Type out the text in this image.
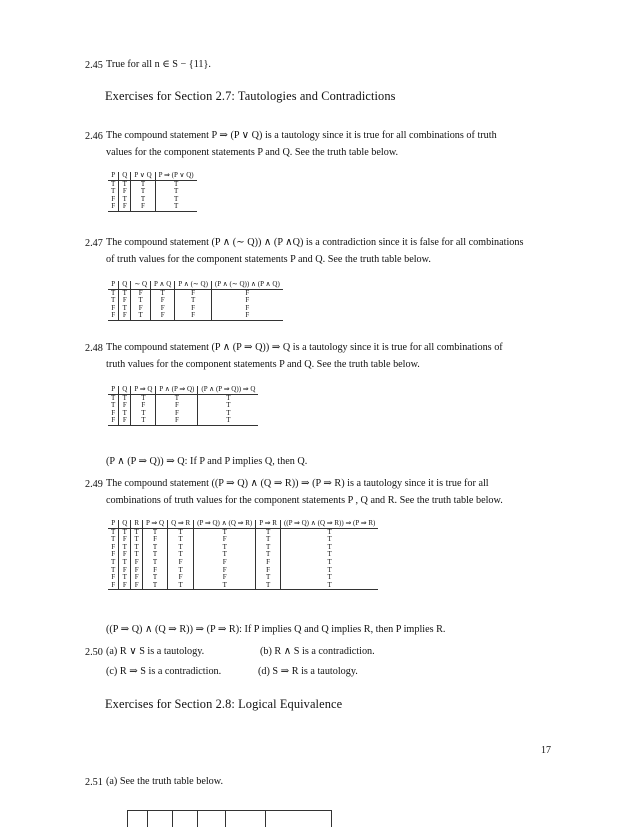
2.45 True for all n ∈ S − {11}.
Exercises for Section 2.7: Tautologies and Contradictions
2.46 The compound statement P ⇒ (P ∨ Q) is a tautology since it is true for all combinations of truth
values for the component statements P and Q. See the truth table below.
P	Q	P ∨ Q	P ⇒ (P ∨ Q)
T	T	T	T
T	F	T	T
F	T	T	T
F	F	F	T
2.47 The compound statement (P ∧ (∼ Q)) ∧ (P ∧Q) is a contradiction since it is false for all combinations
of truth values for the component statements P and Q. See the truth table below.
P	Q	∼ Q	P ∧ Q	P ∧ (∼ Q)	(P ∧ (∼ Q)) ∧ (P ∧ Q)
T	T	F	T	F	F
T	F	T	F	T	F
F	T	F	F	F	F
F	F	T	F	F	F
2.48 The compound statement (P ∧ (P ⇒ Q)) ⇒ Q is a tautology since it is true for all combinations of
truth values for the component statements P and Q. See the truth table below.
P	Q	P ⇒ Q	P ∧ (P ⇒ Q)	(P ∧ (P ⇒ Q)) ⇒ Q
T	T	T	T	T
T	F	F	F	T
F	T	T	F	T
F	F	T	F	T
(P ∧ (P ⇒ Q)) ⇒ Q: If P and P implies Q, then Q.
2.49 The compound statement ((P ⇒ Q) ∧ (Q ⇒ R)) ⇒ (P ⇒ R) is a tautology since it is true for all
combinations of truth values for the component statements P , Q and R. See the truth table below.
P	Q	R	P ⇒ Q	Q ⇒ R	(P ⇒ Q) ∧ (Q ⇒ R)	P ⇒ R	((P ⇒ Q) ∧ (Q ⇒ R)) ⇒ (P ⇒ R)
T	T	T	T	T	T	T	T
T	F	T	F	T	F	T	T
F	T	T	T	T	T	T	T
F	F	T	T	T	T	T	T
T	T	F	T	F	F	F	T
T	F	F	F	T	F	F	T
F	T	F	T	F	F	T	T
F	F	F	T	T	T	T	T
((P ⇒ Q) ∧ (Q ⇒ R)) ⇒ (P ⇒ R): If P implies Q and Q implies R, then P implies R.
2.50 (a) R ∨ S is a tautology.	(b) R ∧ S is a contradiction.
(c) R ⇒ S is a contradiction.	(d) S ⇒ R is a tautology.
Exercises for Section 2.8: Logical Equivalence
17
2.51 (a) See the truth table below.
